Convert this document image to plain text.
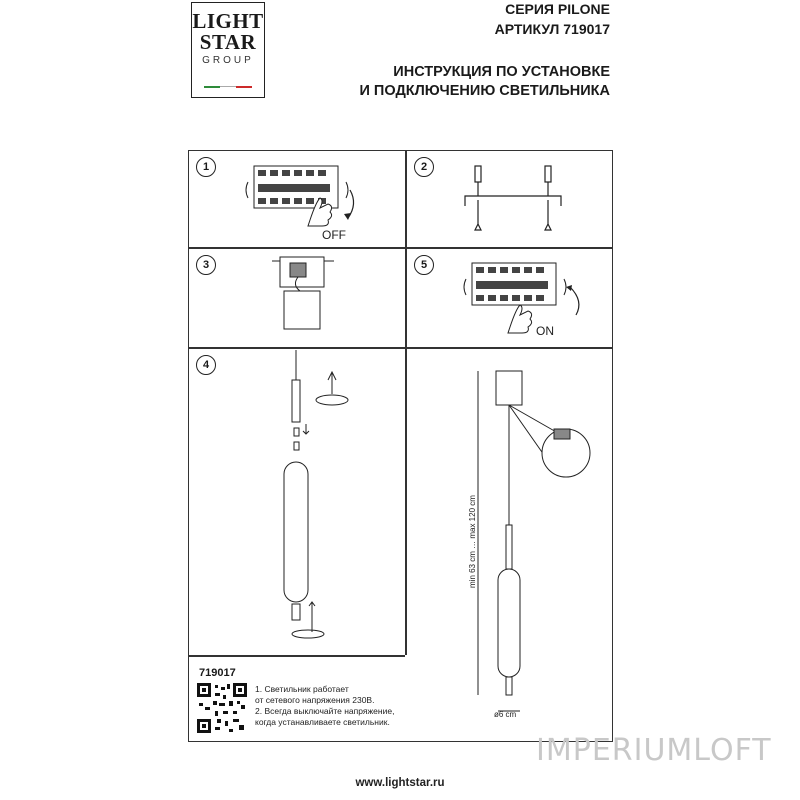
LIGHT
STAR
GROUP
СЕРИЯ PILONE
АРТИКУЛ 719017
ИНСТРУКЦИЯ ПО УСТАНОВКЕ
И ПОДКЛЮЧЕНИЮ СВЕТИЛЬНИКА
1	2
3	5
4
OFF
ON
min 63 cm … max 120 cm
ø6 cm
719017
1. Светильник работает
от сетевого напряжения 230В.
2. Всегда выключайте напряжение,
когда устанавливаете светильник.
www.lightstar.ru
IMPERIUMLOFT
